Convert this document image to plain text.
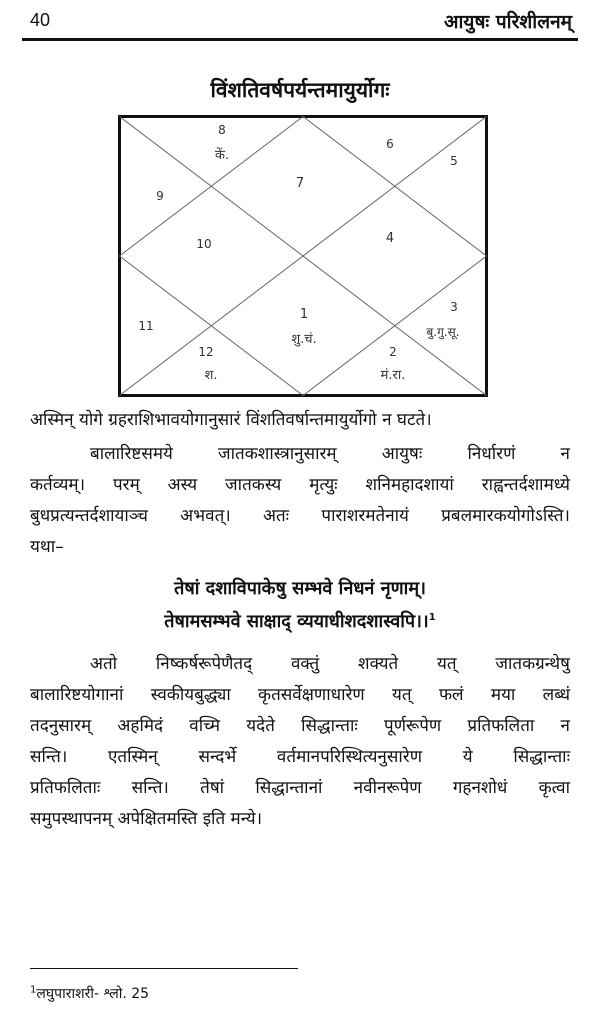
40	आयुषः परिशीलनम्
विंशतिवर्षपर्यन्तमायुर्योगः
8
कें.
6
5
9
7
10	4
11
1
शु.चं.
3
बु.गु.सू.
12
श.
2
मं.रा.
अस्मिन् योगे ग्रहराशिभावयोगानुसारं विंशतिवर्षान्तमायुर्योगो न घटते।
बालारिष्टसमये जातकशास्त्रानुसारम् आयुषः निर्धारणं न
कर्तव्यम्। परम् अस्य जातकस्य मृत्युः शनिमहादशायां राह्वन्तर्दशामध्ये
बुधप्रत्यन्तर्दशायाञ्च अभवत्। अतः पाराशरमतेनायं प्रबलमारकयोगोऽस्ति।
यथा–
तेषां दशाविपाकेषु सम्भवे निधनं नृणाम्।
तेषामसम्भवे साक्षाद् व्ययाधीशदशास्वपि।।$^1$
अतो निष्कर्षरूपेणैतद् वक्तुं शक्यते यत् जातकग्रन्थेषु
बालारिष्टयोगानां स्वकीयबुद्ध्या कृतसर्वेक्षणाधारेण यत् फलं मया लब्धं
तदनुसारम् अहमिदं वच्मि यदेते सिद्धान्ताः पूर्णरूपेण प्रतिफलिता न
सन्ति। एतस्मिन् सन्दर्भे वर्तमानपरिस्थित्यनुसारेण ये सिद्धान्ताः
प्रतिफलिताः सन्ति। तेषां सिद्धान्तानां नवीनरूपेण गहनशोधं कृत्वा
समुपस्थापनम् अपेक्षितमस्ति इति मन्ये।
$^1$लघुपाराशरी- श्लो. 25
